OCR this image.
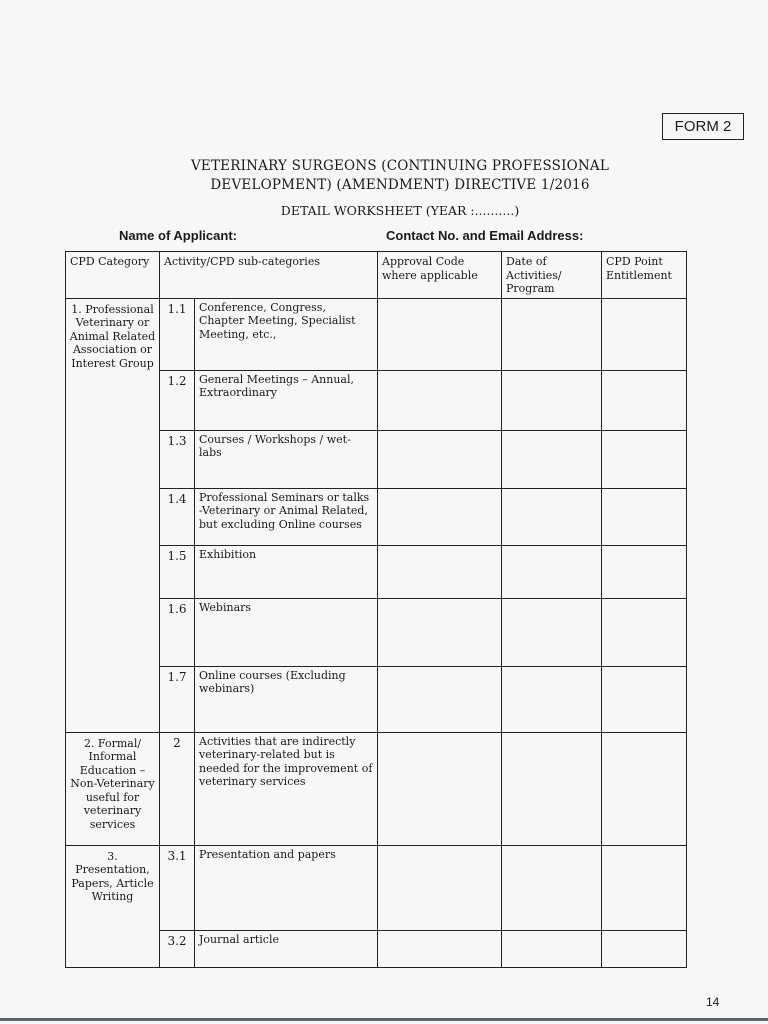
FORM 2
VETERINARY SURGEONS (CONTINUING PROFESSIONAL
DEVELOPMENT) (AMENDMENT) DIRECTIVE 1/2016
DETAIL WORKSHEET (YEAR :..........)
Name of Applicant:	Contact No. and Email Address:
CPD Category	Activity/CPD sub-categories		Approval Code where applicable	Date of Activities/ Program	CPD Point Entitlement
1. Professional Veterinary or Animal Related Association or Interest Group	1.1	Conference, Congress, Chapter Meeting, Specialist Meeting, etc.,			
	1.2	General Meetings – Annual, Extraordinary			
	1.3	Courses / Workshops / wet-labs			
	1.4	Professional Seminars or talks -Veterinary or Animal Related, but excluding Online courses			
	1.5	Exhibition			
	1.6	Webinars			
	1.7	Online courses (Excluding webinars)			
2. Formal/ Informal Education –Non-Veterinary useful for veterinary services	2	Activities that are indirectly veterinary-related but is needed for the improvement of veterinary services			
3. Presentation, Papers, Article Writing	3.1	Presentation and papers			
	3.2	Journal article			
14
